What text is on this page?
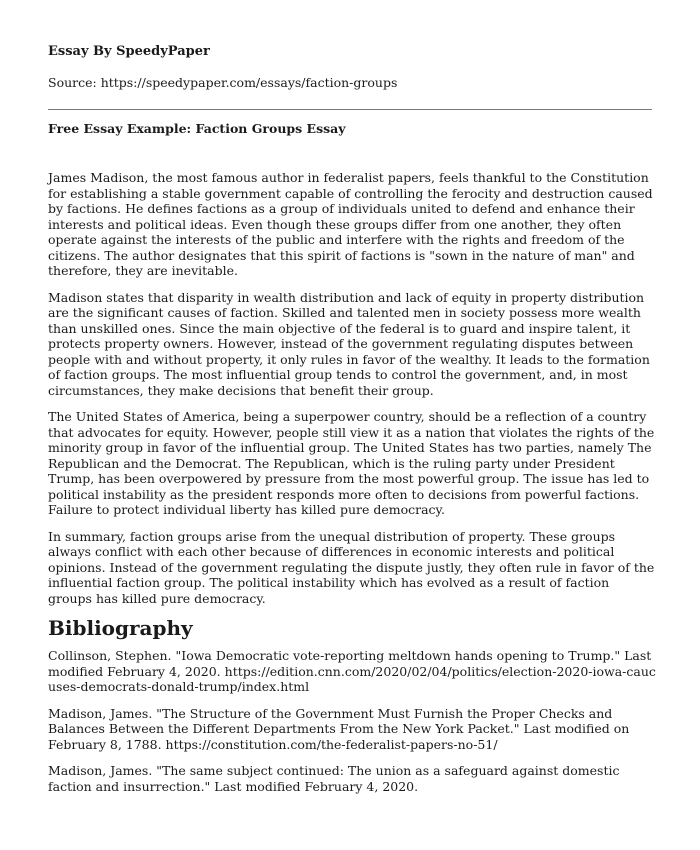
Essay By SpeedyPaper
Source: https://speedypaper.com/essays/faction-groups
Free Essay Example: Faction Groups Essay

James Madison, the most famous author in federalist papers, feels thankful to the Constitution for establishing a stable government capable of controlling the ferocity and destruction caused by factions. He defines factions as a group of individuals united to defend and enhance their interests and political ideas. Even though these groups differ from one another, they often operate against the interests of the public and interfere with the rights and freedom of the citizens. The author designates that this spirit of factions is "sown in the nature of man" and therefore, they are inevitable.

Madison states that disparity in wealth distribution and lack of equity in property distribution are the significant causes of faction. Skilled and talented men in society possess more wealth than unskilled ones. Since the main objective of the federal is to guard and inspire talent, it protects property owners. However, instead of the government regulating disputes between people with and without property, it only rules in favor of the wealthy. It leads to the formation of faction groups. The most influential group tends to control the government, and, in most circumstances, they make decisions that benefit their group.

The United States of America, being a superpower country, should be a reflection of a country that advocates for equity. However, people still view it as a nation that violates the rights of the minority group in favor of the influential group. The United States has two parties, namely The Republican and the Democrat. The Republican, which is the ruling party under President Trump, has been overpowered by pressure from the most powerful group. The issue has led to political instability as the president responds more often to decisions from powerful factions. Failure to protect individual liberty has killed pure democracy.

In summary, faction groups arise from the unequal distribution of property. These groups always conflict with each other because of differences in economic interests and political opinions. Instead of the government regulating the dispute justly, they often rule in favor of the influential faction group. The political instability which has evolved as a result of faction groups has killed pure democracy.

Bibliography
Collinson, Stephen. "Iowa Democratic vote-reporting meltdown hands opening to Trump." Last modified February 4, 2020. https://edition.cnn.com/2020/02/04/politics/election-2020-iowa-caucuses-democrats-donald-trump/index.html
Madison, James. "The Structure of the Government Must Furnish the Proper Checks and Balances Between the Different Departments From the New York Packet." Last modified on February 8, 1788. https://constitution.com/the-federalist-papers-no-51/
Madison, James. "The same subject continued: The union as a safeguard against domestic faction and insurrection." Last modified February 4, 2020.
